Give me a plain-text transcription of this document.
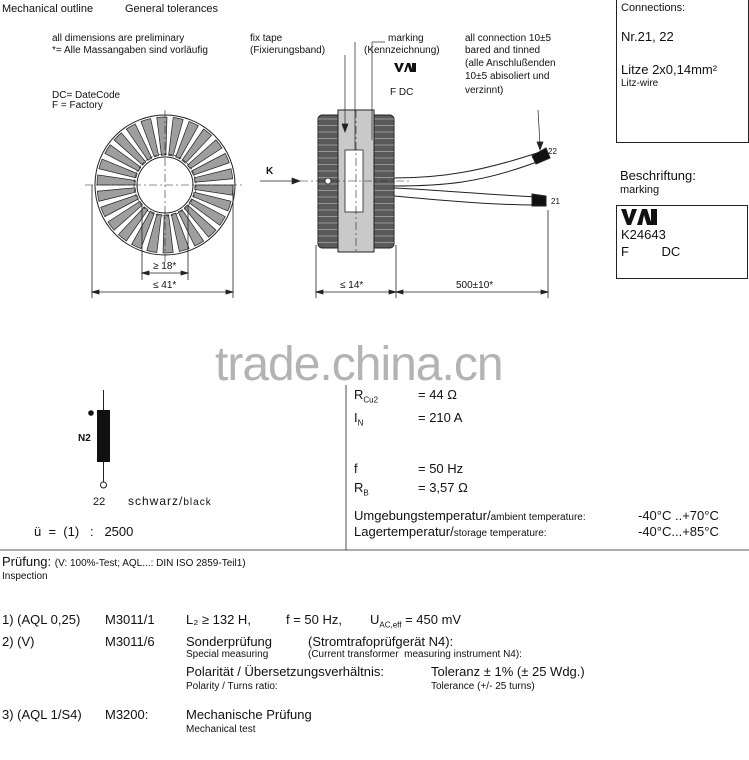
Mechanical outline	General tolerances
all dimensions are preliminary
*= Alle Massangaben sind vorläufig
DC= DateCode
F = Factory
fix tape
(Fixierungsband)
marking
(Kennzeichnung)
F DC
all connection 10±5
bared and tinned
(alle Anschlußenden
10±5 abisoliert und
verzinnt)
K
22
21
≥ 18*
≤ 41*	≤ 14*	500±10*
Connections:
Nr.21, 22
Litze 2x0,14mm²
Litz-wire
Beschriftung:
marking
K24643
F         DC
trade.china.cn
N2
22 schwarz/black
ü  =  (1)   :   2500
$R_{Cu2}$	= 44 Ω
$I_N$	= 210 A
f	= 50 Hz
$R_B$	= 3,57 Ω
Umgebungstemperatur/ambient temperature:	-40°C ..+70°C
Lagertemperatur/storage temperature:	-40°C...+85°C
Prüfung: (V: 100%-Test; AQL...: DIN ISO 2859-Teil1)
Inspection
1) (AQL 0,25) M3011/1 L₂ ≥ 132 H,	f = 50 Hz, $U_{AC,eff} = 450$ mV
2) (V)	M3011/6 Sonderprüfung	(Stromtrafoprüfgerät N4):
Special measuring	(Current transformer  measuring instrument N4):
Polarität / Übersetzungsverhältnis:	Toleranz ± 1% (± 25 Wdg.)
Polarity / Turns ratio:	Tolerance (+/- 25 turns)
3) (AQL 1/S4) M3200:	Mechanische Prüfung
Mechanical test
